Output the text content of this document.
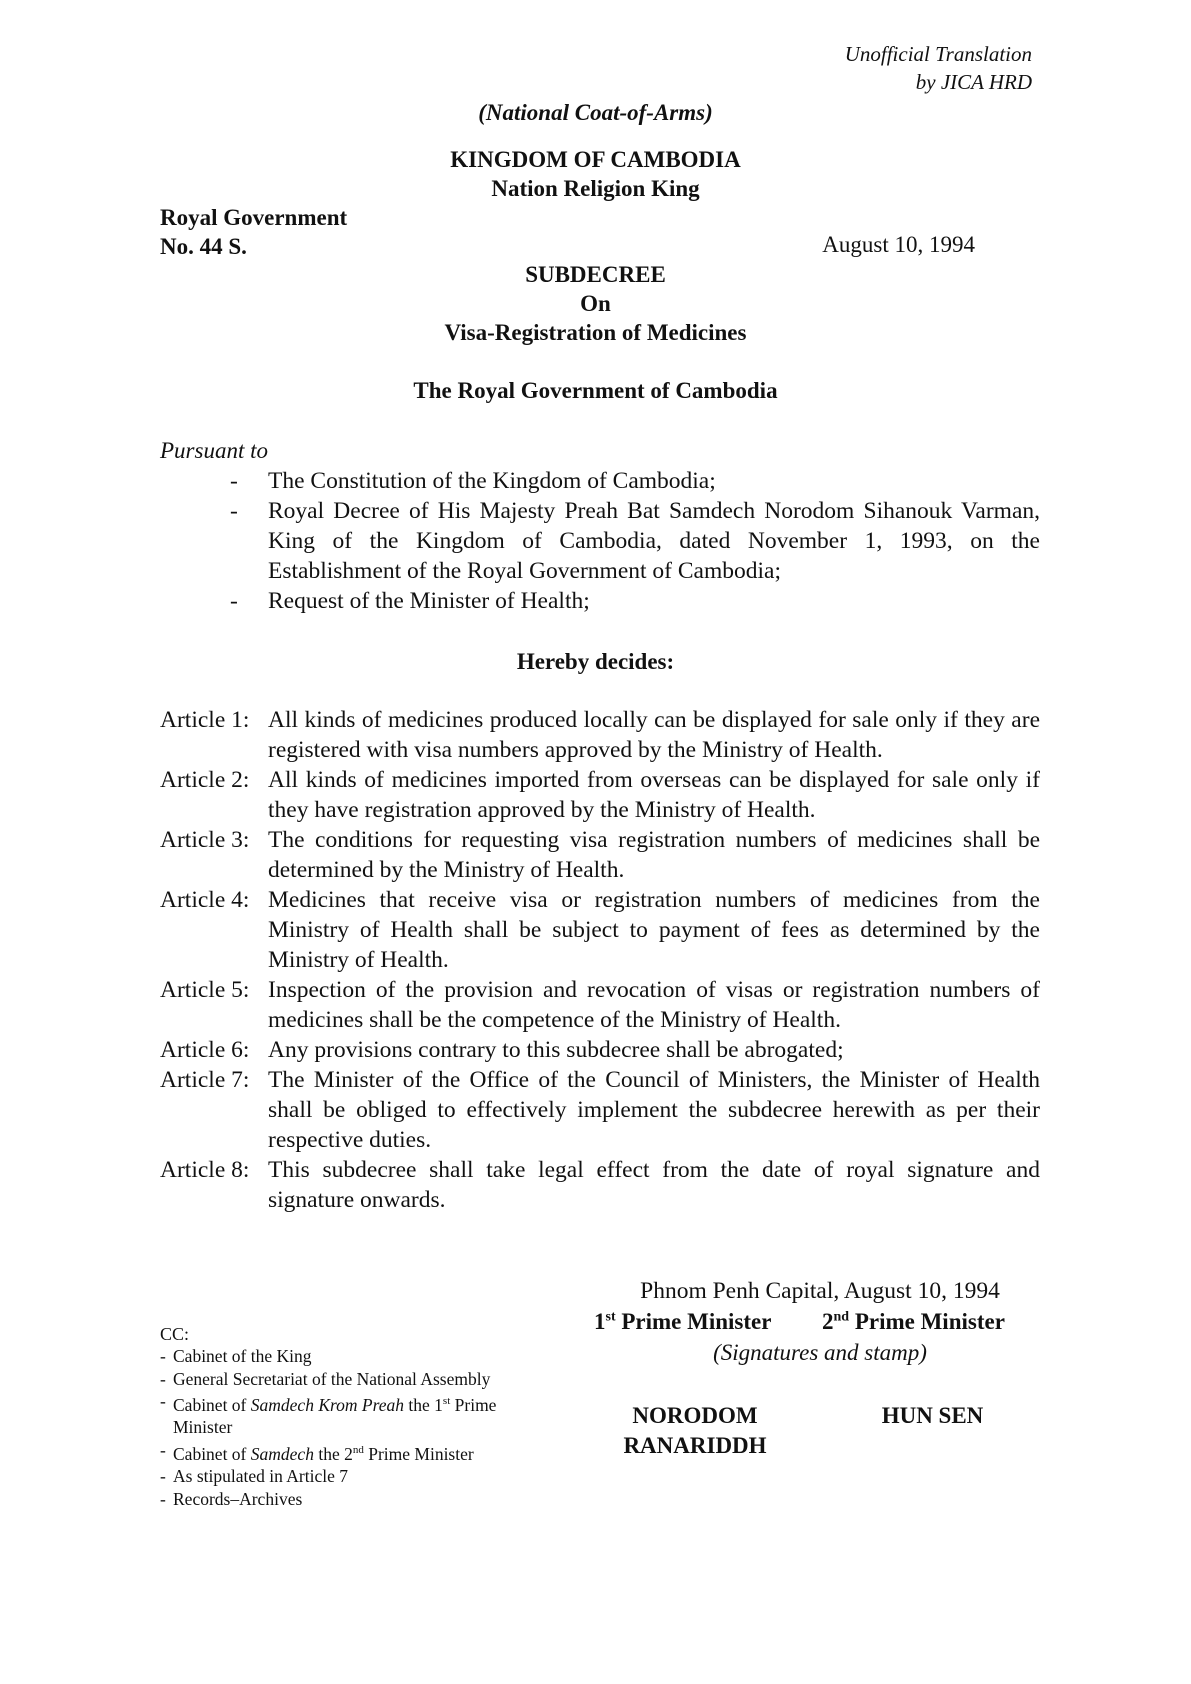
Unofficial Translation
by JICA HRD
(National Coat-of-Arms)
KINGDOM OF CAMBODIA
Nation Religion King
Royal Government
No. 44 S.	August 10, 1994
SUBDECREE
On
Visa-Registration of Medicines
The Royal Government of Cambodia
Pursuant to
- The Constitution of the Kingdom of Cambodia;
- Royal Decree of His Majesty Preah Bat Samdech Norodom Sihanouk Varman, King of the Kingdom of Cambodia, dated November 1, 1993, on the Establishment of the Royal Government of Cambodia;
- Request of the Minister of Health;
Hereby decides:
Article 1: All kinds of medicines produced locally can be displayed for sale only if they are registered with visa numbers approved by the Ministry of Health.
Article 2: All kinds of medicines imported from overseas can be displayed for sale only if they have registration approved by the Ministry of Health.
Article 3: The conditions for requesting visa registration numbers of medicines shall be determined by the Ministry of Health.
Article 4: Medicines that receive visa or registration numbers of medicines from the Ministry of Health shall be subject to payment of fees as determined by the Ministry of Health.
Article 5: Inspection of the provision and revocation of visas or registration numbers of medicines shall be the competence of the Ministry of Health.
Article 6: Any provisions contrary to this subdecree shall be abrogated;
Article 7: The Minister of the Office of the Council of Ministers, the Minister of Health shall be obliged to effectively implement the subdecree herewith as per their respective duties.
Article 8: This subdecree shall take legal effect from the date of royal signature and signature onwards.
Phnom Penh Capital, August 10, 1994
1st Prime Minister 2nd Prime Minister
(Signatures and stamp)
NORODOM
RANARIDDH
HUN SEN
CC:
- Cabinet of the King
- General Secretariat of the National Assembly
- Cabinet of Samdech Krom Preah the 1st Prime Minister
- Cabinet of Samdech the 2nd Prime Minister
- As stipulated in Article 7
- Records–Archives
